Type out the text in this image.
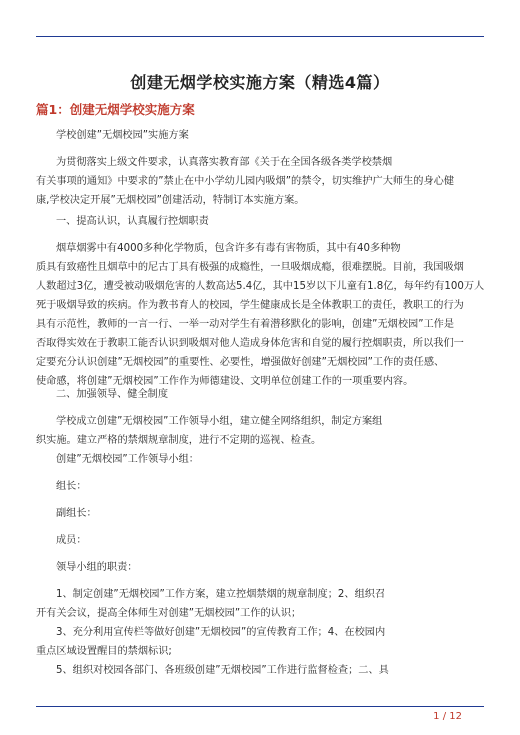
创建无烟学校实施方案（精选4篇）
篇1：创建无烟学校实施方案
学校创建”无烟校园”实施方案
为贯彻落实上级文件要求，认真落实教育部《关于在全国各级各类学校禁烟
有关事项的通知》中要求的”禁止在中小学幼儿园内吸烟”的禁令，切实维护广大师生的身心健
康,学校决定开展”无烟校园”创建活动，特制订本实施方案。
一、提高认识，认真履行控烟职责
烟草烟雾中有4000多种化学物质，包含许多有毒有害物质，其中有40多种物
质具有致癌性且烟草中的尼古丁具有极强的成瘾性，一旦吸烟成瘾，很难摆脱。目前，我国吸烟
人数超过3亿，遭受被动吸烟危害的人数高达5.4亿，其中15岁以下儿童有1.8亿，每年约有100万人
死于吸烟导致的疾病。作为教书育人的校园，学生健康成长是全体教职工的责任，教职工的行为
具有示范性，教师的一言一行、一举一动对学生有着潜移默化的影响，创建”无烟校园”工作是
否取得实效在于教职工能否认识到吸烟对他人造成身体危害和自觉的履行控烟职责，所以我们一
定要充分认识创建”无烟校园”的重要性、必要性，增强做好创建”无烟校园”工作的责任感、
使命感，将创建”无烟校园”工作作为师德建设、文明单位创建工作的一项重要内容。
二、加强领导、健全制度
学校成立创建”无烟校园”工作领导小组，建立健全网络组织，制定方案组
织实施。建立严格的禁烟规章制度，进行不定期的巡视、检查。
创建”无烟校园”工作领导小组：
组长：
副组长：
成员：
领导小组的职责：
1、制定创建”无烟校园”工作方案，建立控烟禁烟的规章制度；2、组织召
开有关会议，提高全体师生对创建”无烟校园”工作的认识；
3、充分利用宣传栏等做好创建”无烟校园”的宣传教育工作；4、在校园内
重点区域设置醒目的禁烟标识;
5、组织对校园各部门、各班级创建”无烟校园”工作进行监督检查；二、具
1 / 12
